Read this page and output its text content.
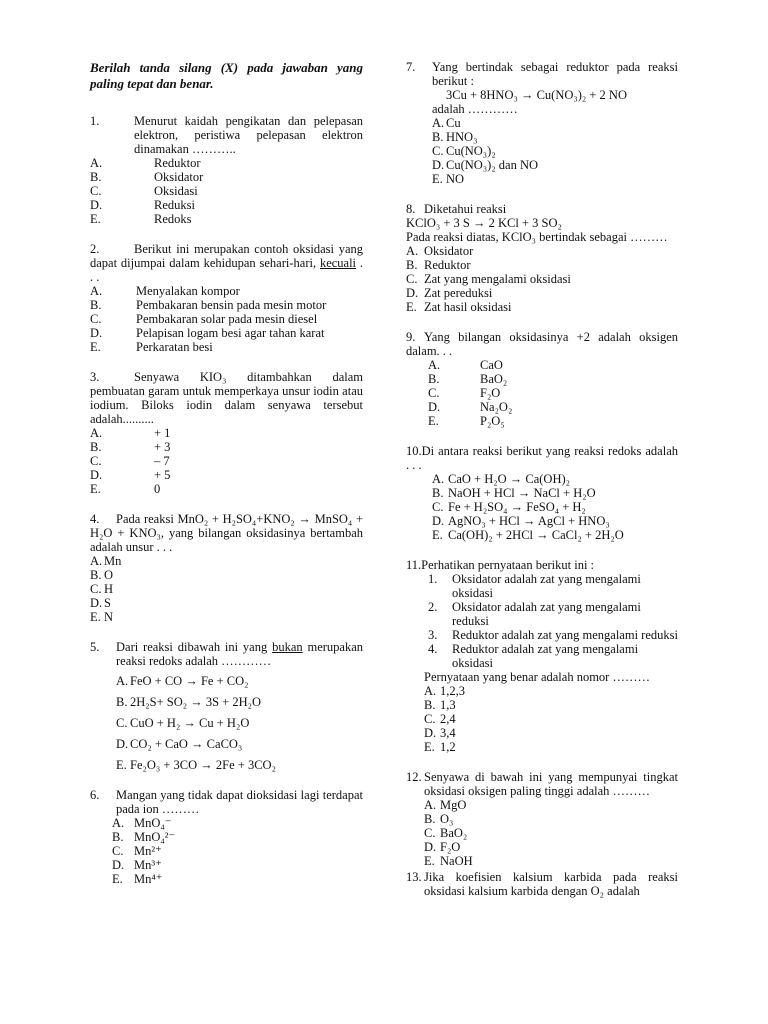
Berilah tanda silang (X) pada jawaban yang paling tepat dan benar.
1.	Menurut kaidah pengikatan dan pelepasan elektron, peristiwa pelepasan elektron dinamakan ………..
A.	Reduktor
B.	Oksidator
C.	Oksidasi
D.	Reduksi
E.	Redoks
2.	Berikut ini merupakan contoh oksidasi yang dapat dijumpai dalam kehidupan sehari-hari, kecuali . . .
A.	Menyalakan kompor
B.	Pembakaran bensin pada mesin motor
C.	Pembakaran solar pada mesin diesel
D.	Pelapisan logam besi agar tahan karat
E.	Perkaratan besi
3.	Senyawa KIO₃ ditambahkan dalam pembuatan garam untuk memperkaya unsur iodin atau iodium. Biloks iodin dalam senyawa tersebut adalah..........
A.	+ 1
B.	+ 3
C.	– 7
D.	+ 5
E.	0
4. Pada reaksi MnO₂ + H₂SO₄+KNO₂ → MnSO₄ + H₂O + KNO₃, yang bilangan oksidasinya bertambah adalah unsur . . .
A. Mn
B. O
C. H
D. S
E. N
5.	Dari reaksi dibawah ini yang bukan merupakan reaksi redoks adalah …………
A. FeO + CO → Fe + CO₂
B. 2H₂S+ SO₂ → 3S + 2H₂O
C. CuO + H₂ → Cu + H₂O
D. CO₂ + CaO → CaCO₃
E. Fe₂O₃ + 3CO → 2Fe + 3CO₂
6.	Mangan yang tidak dapat dioksidasi lagi terdapat pada ion ………
A. MnO₄⁻
B. MnO₄²⁻
C. Mn²⁺
D. Mn³⁺
E. Mn⁴⁺
7.	Yang bertindak sebagai reduktor pada reaksi berikut :
3Cu + 8HNO₃ → Cu(NO₃)₂ + 2 NO
adalah …………
A. Cu
B. HNO₃
C. Cu(NO₃)₂
D. Cu(NO₃)₂ dan NO
E. NO
8. Diketahui reaksi
KClO₃ + 3 S → 2 KCl + 3 SO₂
Pada reaksi diatas, KClO₃ bertindak sebagai ………
A. Oksidator
B. Reduktor
C. Zat yang mengalami oksidasi
D. Zat pereduksi
E. Zat hasil oksidasi
9. Yang bilangan oksidasinya +2 adalah oksigen dalam. . .
A.	CaO
B.	BaO₂
C.	F₂O
D.	Na₂O₂
E.	P₂O₅
10.Di antara reaksi berikut yang reaksi redoks adalah . . .
A. CaO + H₂O → Ca(OH)₂
B. NaOH + HCl → NaCl + H₂O
C. Fe + H₂SO₄ → FeSO₄ + H₂
D. AgNO₃ + HCl → AgCl + HNO₃
E. Ca(OH)₂ + 2HCl → CaCl₂ + 2H₂O
11.Perhatikan pernyataan berikut ini :
1.	Oksidator adalah zat yang mengalami oksidasi
2.	Oksidator adalah zat yang mengalami reduksi
3.	Reduktor adalah zat yang mengalami reduksi
4.	Reduktor adalah zat yang mengalami oksidasi
Pernyataan yang benar adalah nomor ………
A. 1,2,3
B. 1,3
C. 2,4
D. 3,4
E. 1,2
12. Senyawa di bawah ini yang mempunyai tingkat oksidasi oksigen paling tinggi adalah ………
A. MgO
B. O₃
C. BaO₂
D. F₂O
E. NaOH
13. Jika koefisien kalsium karbida pada reaksi oksidasi kalsium karbida dengan O₂ adalah
